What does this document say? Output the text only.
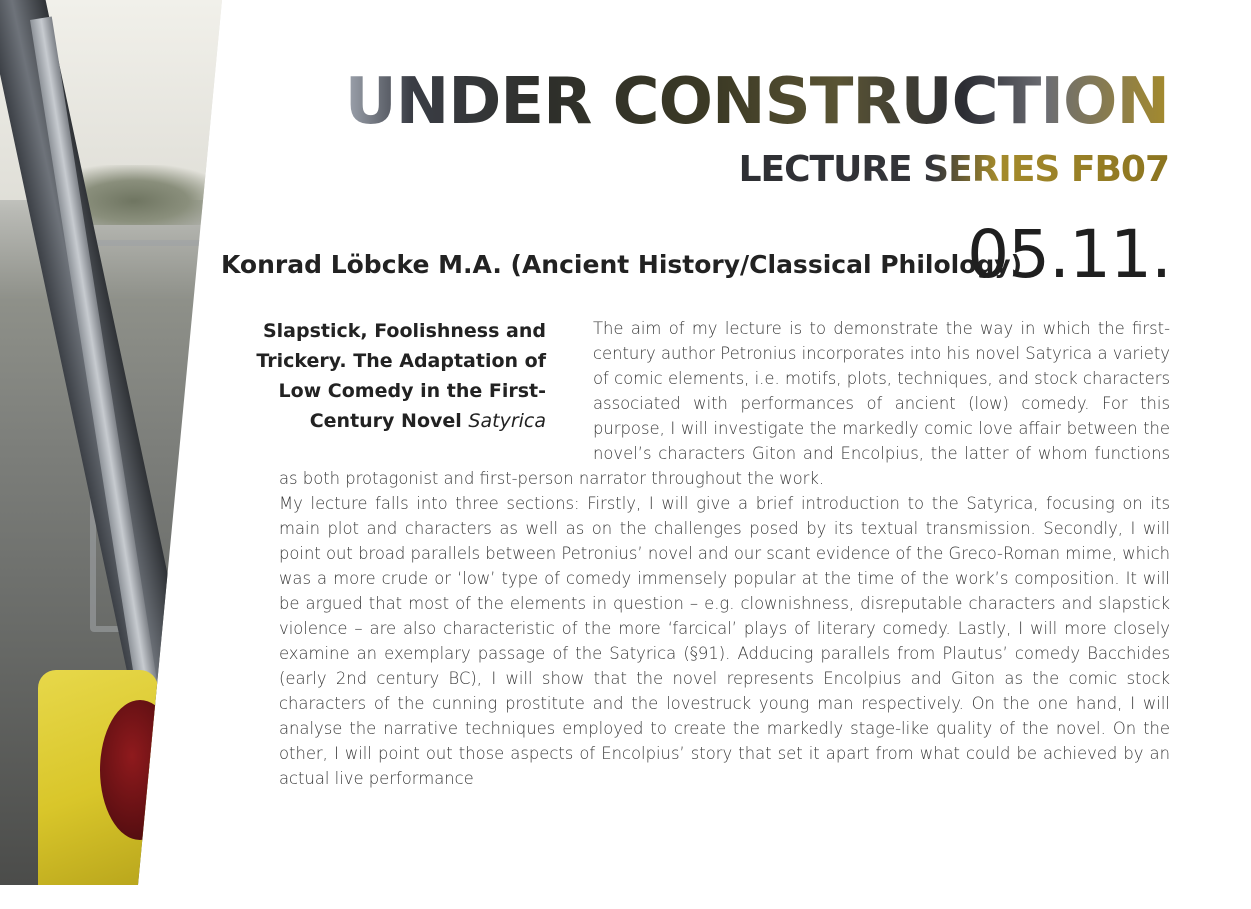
UNDER CONSTRUCTION
LECTURE SERIES FB07
Konrad Löbcke M.A. (Ancient History/Classical Philology)
05.11.
Slapstick, Foolishness and Trickery. The Adaptation of Low Comedy in the First-Century Novel Satyrica

The aim of my lecture is to demonstrate the way in which the first-century author Petronius incorporates into his novel Satyrica a variety of comic elements, i.e. motifs, plots, techniques, and stock characters associated with performances of ancient (low) comedy. For this purpose, I will investigate the markedly comic love affair between the novel’s characters Giton and Encolpius, the latter of whom functions as both protagonist and first-person narrator throughout the work.

My lecture falls into three sections: Firstly, I will give a brief introduction to the Satyrica, focusing on its main plot and characters as well as on the challenges posed by its textual transmission. Secondly, I will point out broad parallels between Petronius’ novel and our scant evidence of the Greco-Roman mime, which was a more crude or ‘low’ type of comedy immensely popular at the time of the work’s composition. It will be argued that most of the elements in question – e.g. clownishness, disreputable characters and slapstick violence – are also characteristic of the more ‘farcical’ plays of literary comedy. Lastly, I will more closely examine an exemplary passage of the Satyrica (§91). Adducing parallels from Plautus’ comedy Bacchides (early 2nd century BC), I will show that the novel represents Encolpius and Giton as the comic stock characters of the cunning prostitute and the lovestruck young man respectively. On the one hand, I will analyse the narrative techniques employed to create the markedly stage-like quality of the novel. On the other, I will point out those aspects of Encolpius’ story that set it apart from what could be achieved by an actual live performance
